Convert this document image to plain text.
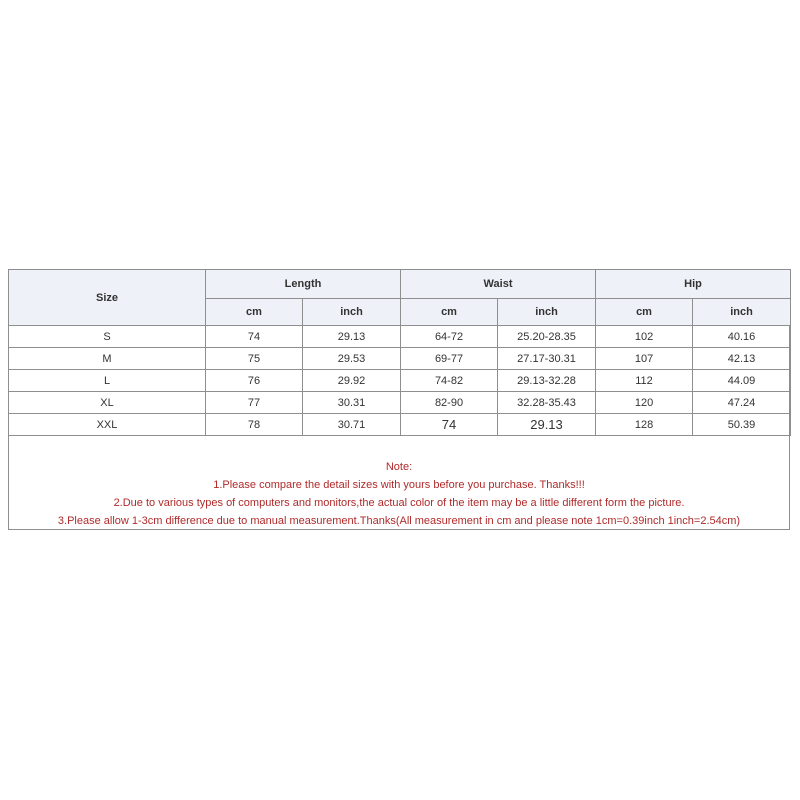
Size	Length		Waist		Hip	
	cm	inch	cm	inch	cm	inch
S	74	29.13	64-72	25.20-28.35	102	40.16
M	75	29.53	69-77	27.17-30.31	107	42.13
L	76	29.92	74-82	29.13-32.28	112	44.09
XL	77	30.31	82-90	32.28-35.43	120	47.24
XXL	78	30.71	74	29.13	128	50.39
Note:
1.Please compare the detail sizes with yours before you purchase. Thanks!!!
2.Due to various types of computers and monitors,the actual color of the item may be a little different form the picture.
3.Please allow 1-3cm difference due to manual measurement.Thanks(All measurement in cm and please note 1cm=0.39inch 1inch=2.54cm)
